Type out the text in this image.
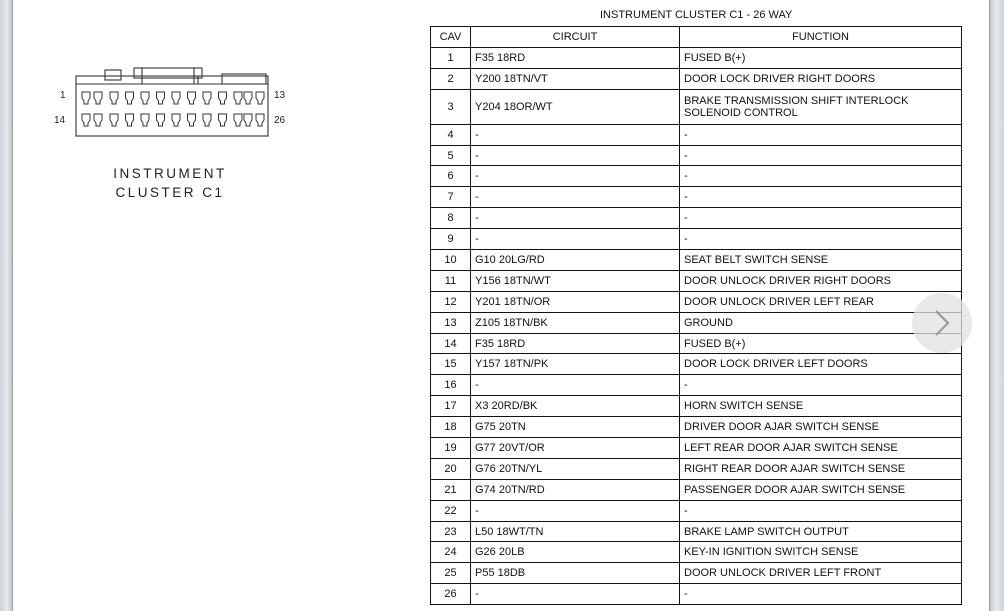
1	13
14	26
INSTRUMENT
CLUSTER C1
INSTRUMENT CLUSTER C1 - 26 WAY
CAV	CIRCUIT	FUNCTION
1	F35 18RD	FUSED B(+)
2	Y200 18TN/VT	DOOR LOCK DRIVER RIGHT DOORS
3	Y204 18OR/WT	BRAKE TRANSMISSION SHIFT INTERLOCK SOLENOID CONTROL
4	-	-
5	-	-
6	-	-
7	-	-
8	-	-
9	-	-
10	G10 20LG/RD	SEAT BELT SWITCH SENSE
11	Y156 18TN/WT	DOOR UNLOCK DRIVER RIGHT DOORS
12	Y201 18TN/OR	DOOR UNLOCK DRIVER LEFT REAR
13	Z105 18TN/BK	GROUND
14	F35 18RD	FUSED B(+)
15	Y157 18TN/PK	DOOR LOCK DRIVER LEFT DOORS
16	-	-
17	X3 20RD/BK	HORN SWITCH SENSE
18	G75 20TN	DRIVER DOOR AJAR SWITCH SENSE
19	G77 20VT/OR	LEFT REAR DOOR AJAR SWITCH SENSE
20	G76 20TN/YL	RIGHT REAR DOOR AJAR SWITCH SENSE
21	G74 20TN/RD	PASSENGER DOOR AJAR SWITCH SENSE
22	-	-
23	L50 18WT/TN	BRAKE LAMP SWITCH OUTPUT
24	G26 20LB	KEY-IN IGNITION SWITCH SENSE
25	P55 18DB	DOOR UNLOCK DRIVER LEFT FRONT
26	-	-
